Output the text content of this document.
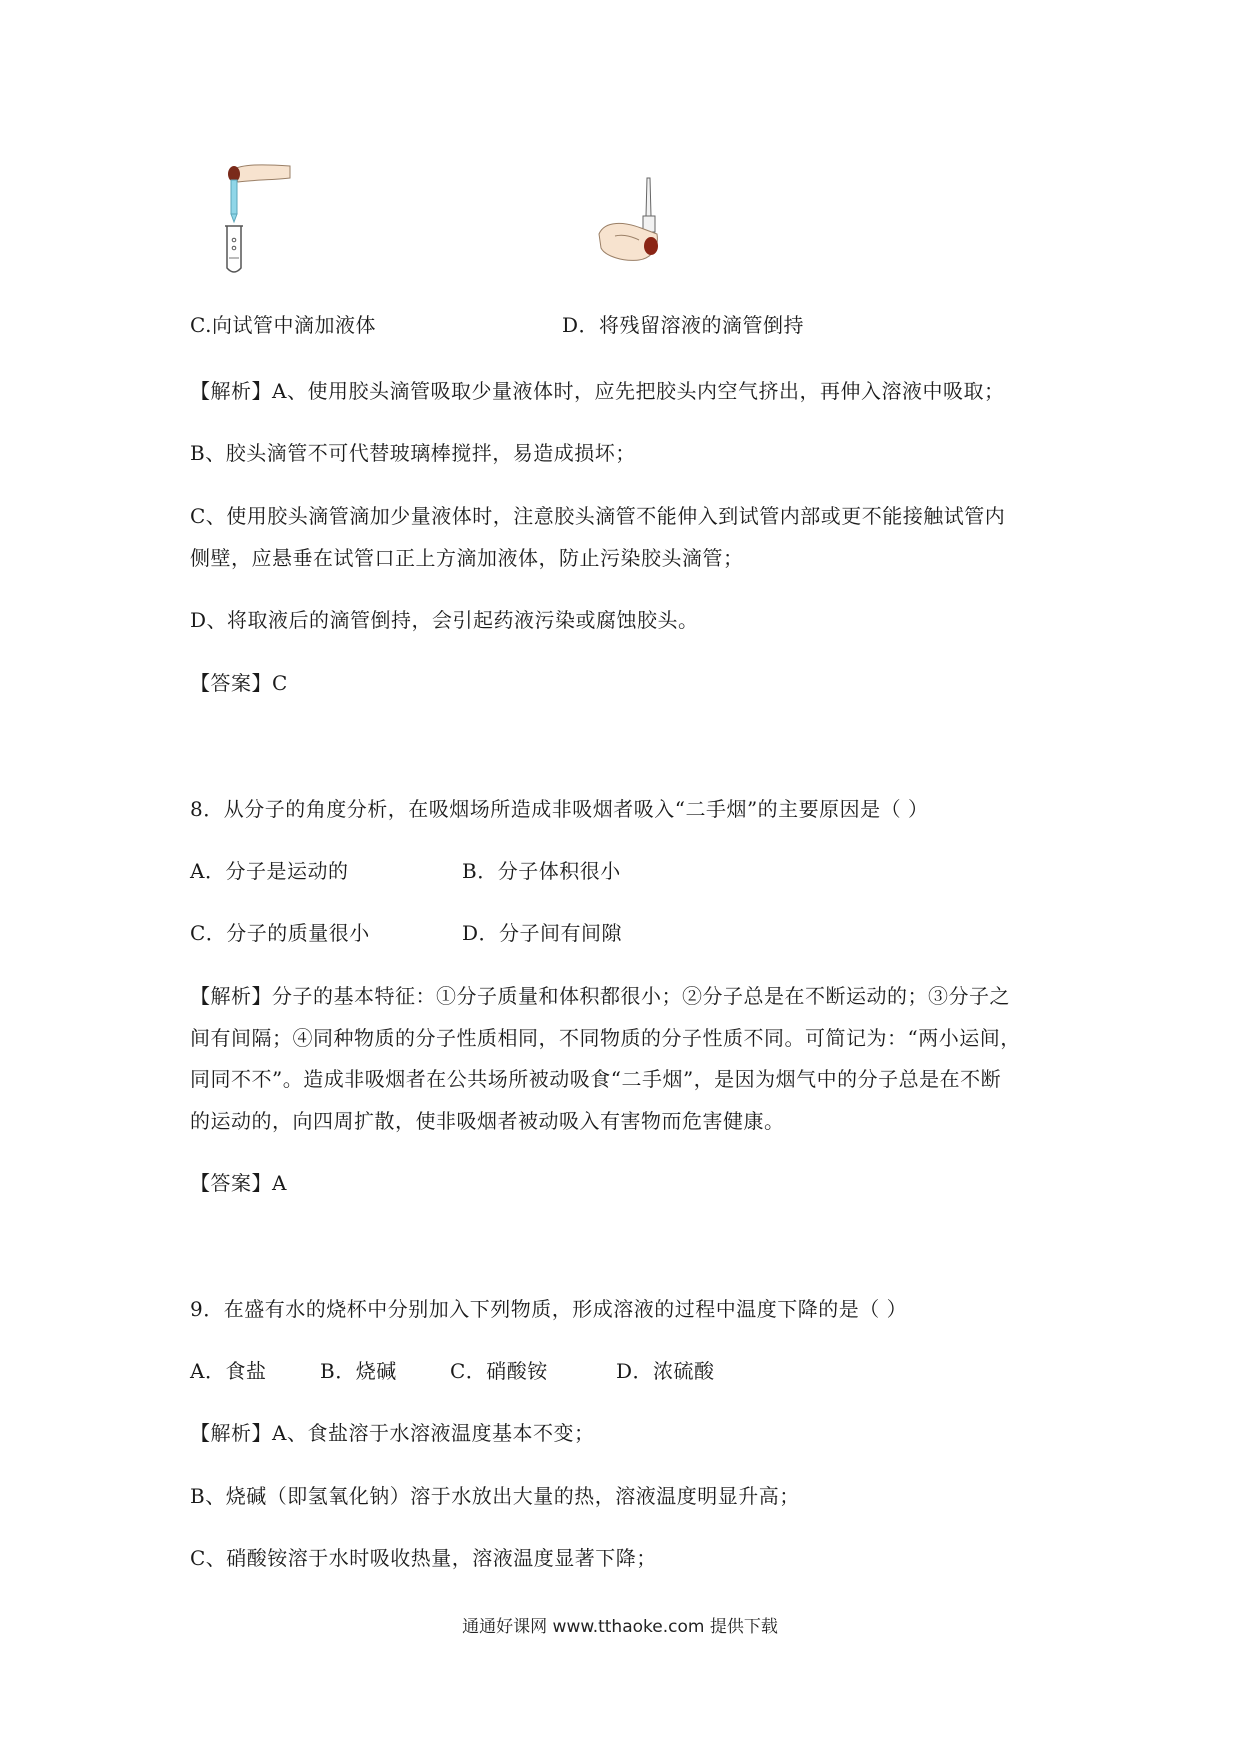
C.向试管中滴加液体	D．将残留溶液的滴管倒持
【解析】A、使用胶头滴管吸取少量液体时，应先把胶头内空气挤出，再伸入溶液中吸取；
B、胶头滴管不可代替玻璃棒搅拌，易造成损坏；
C、使用胶头滴管滴加少量液体时，注意胶头滴管不能伸入到试管内部或更不能接触试管内
侧壁，应悬垂在试管口正上方滴加液体，防止污染胶头滴管；
D、将取液后的滴管倒持，会引起药液污染或腐蚀胶头。
【答案】C
8．从分子的角度分析，在吸烟场所造成非吸烟者吸入“二手烟”的主要原因是（ ）
A．分子是运动的	B．分子体积很小
C．分子的质量很小	D．分子间有间隙
【解析】分子的基本特征：①分子质量和体积都很小；②分子总是在不断运动的；③分子之
间有间隔；④同种物质的分子性质相同，不同物质的分子性质不同。可简记为：“两小运间，
同同不不”。造成非吸烟者在公共场所被动吸食“二手烟”，是因为烟气中的分子总是在不断
的运动的，向四周扩散，使非吸烟者被动吸入有害物而危害健康。
【答案】A
9．在盛有水的烧杯中分别加入下列物质，形成溶液的过程中温度下降的是（ ）
A．食盐	B．烧碱	C．硝酸铵	D．浓硫酸
【解析】A、食盐溶于水溶液温度基本不变；
B、烧碱（即氢氧化钠）溶于水放出大量的热，溶液温度明显升高；
C、硝酸铵溶于水时吸收热量，溶液温度显著下降；
通通好课网 www.tthaoke.com 提供下载
